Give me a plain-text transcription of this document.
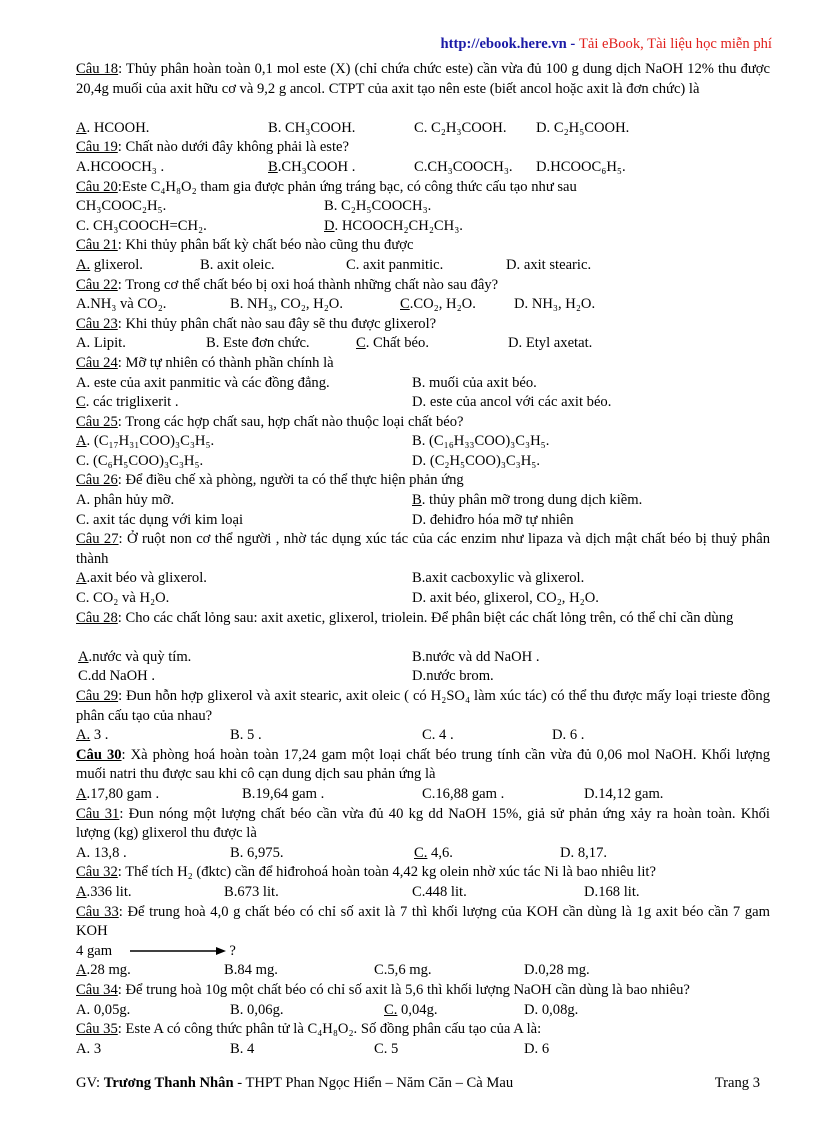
http://ebook.here.vn - Tải eBook, Tài liệu học miễn phí
Câu 18: Thủy phân hoàn toàn 0,1 mol este (X) (chỉ chứa chức este) cần vừa đủ 100 g dung dịch NaOH 12% thu được 20,4g muối của axit hữu cơ và 9,2 g ancol. CTPT của axit tạo nên este (biết ancol hoặc axit là đơn chức) là
A. HCOOH.	B. CH₃COOH.	C. C₂H₃COOH. D. C₂H₅COOH.
Câu 19: Chất nào dưới đây không phải là este?
A.HCOOCH₃ .	B.CH₃COOH .	C.CH₃COOCH₃. D.HCOOC₆H₅.
Câu 20:Este C₄H₈O₂ tham gia được phản ứng tráng bạc, có công thức cấu tạo như sau
CH₃COOC₂H₅.	B. C₂H₅COOCH₃.
C. CH₃COOCH=CH₂.	D. HCOOCH₂CH₂CH₃.
Câu 21: Khi thủy phân bất kỳ chất béo nào cũng thu được
A. glixerol.	B. axit oleic.	C. axit panmitic.	D. axit stearic.
Câu 22: Trong cơ thể chất béo bị oxi hoá thành những chất nào sau đây?
A.NH₃ và CO₂.	B. NH₃, CO₂, H₂O.	C.CO₂, H₂O.	D. NH₃, H₂O.
Câu 23: Khi thủy phân chất nào sau đây sẽ thu được glixerol?
A. Lipit.	B. Este đơn chức.	C. Chất béo.	D. Etyl axetat.
Câu 24: Mỡ tự nhiên có thành phần chính là
A. este của axit panmitic và các đồng đẳng.	B. muối của axit béo.
C. các triglixerit .	D. este của ancol với các axit béo.
Câu 25: Trong các hợp chất sau, hợp chất nào thuộc loại chất béo?
A. (C₁₇H₃₁COO)₃C₃H₅.	B. (C₁₆H₃₃COO)₃C₃H₅.
C. (C₆H₅COO)₃C₃H₅.	D. (C₂H₅COO)₃C₃H₅.
Câu 26: Để điều chế xà phòng, người ta có thể thực hiện phản ứng
A. phân hủy mỡ.	B. thủy phân mỡ trong dung dịch kiềm.
C. axit tác dụng với kim loại	D. đehiđro hóa mỡ tự nhiên
Câu 27: Ở ruột non cơ thể người , nhờ tác dụng xúc tác của các enzim như lipaza và dịch mật chất béo bị thuỷ phân thành
A.axit béo và glixerol.	B.axit cacboxylic và glixerol.
C. CO₂ và H₂O.	D. axit béo, glixerol, CO₂, H₂O.
Câu 28: Cho các chất lỏng sau: axit axetic, glixerol, triolein. Để phân biệt các chất lỏng trên, có thể chỉ cần dùng
A.nước và quỳ tím.	B.nước và dd NaOH .
C.dd NaOH .	D.nước brom.
Câu 29: Đun hỗn hợp glixerol và axit stearic, axit oleic ( có H₂SO₄ làm xúc tác) có thể thu được mấy loại trieste đồng phân cấu tạo của nhau?
A. 3 .	B. 5 .	C. 4 .	D. 6 .
Câu 30: Xà phòng hoá hoàn toàn 17,24 gam một loại chất béo trung tính cần vừa đủ 0,06 mol NaOH. Khối lượng muối natri thu được sau khi cô cạn dung dịch sau phản ứng là
A.17,80 gam .	B.19,64 gam .	C.16,88 gam .	D.14,12 gam.
Câu 31: Đun nóng một lượng chất béo cần vừa đủ 40 kg dd NaOH 15%, giả sử phản ứng xảy ra hoàn toàn. Khối lượng (kg) glixerol thu được là
A. 13,8 .	B. 6,975.	C. 4,6.	D. 8,17.
Câu 32: Thể tích H₂ (đktc) cần để hiđrohoá hoàn toàn 4,42 kg olein nhờ xúc tác Ni là bao nhiêu lit?
A.336 lit.	B.673 lit.	C.448 lit.	D.168 lit.
Câu 33: Để trung hoà 4,0 g chất béo có chỉ số axit là 7 thì khối lượng của KOH cần dùng là 1g axit béo cần 7 gam KOH
4 gam	?
A.28 mg.	B.84 mg.	C.5,6 mg.	D.0,28 mg.
Câu 34: Để trung hoà 10g một chất béo có chỉ số axit là 5,6 thì khối lượng NaOH cần dùng là bao nhiêu?
A. 0,05g.	B. 0,06g.	C. 0,04g.	D. 0,08g.
Câu 35: Este A có công thức phân tử là C₄H₈O₂. Số đồng phân cấu tạo của A là:
A. 3	B. 4	C. 5	D. 6
GV: Trương Thanh Nhân - THPT Phan Ngọc Hiển – Năm Căn – Cà Mau	Trang 3
